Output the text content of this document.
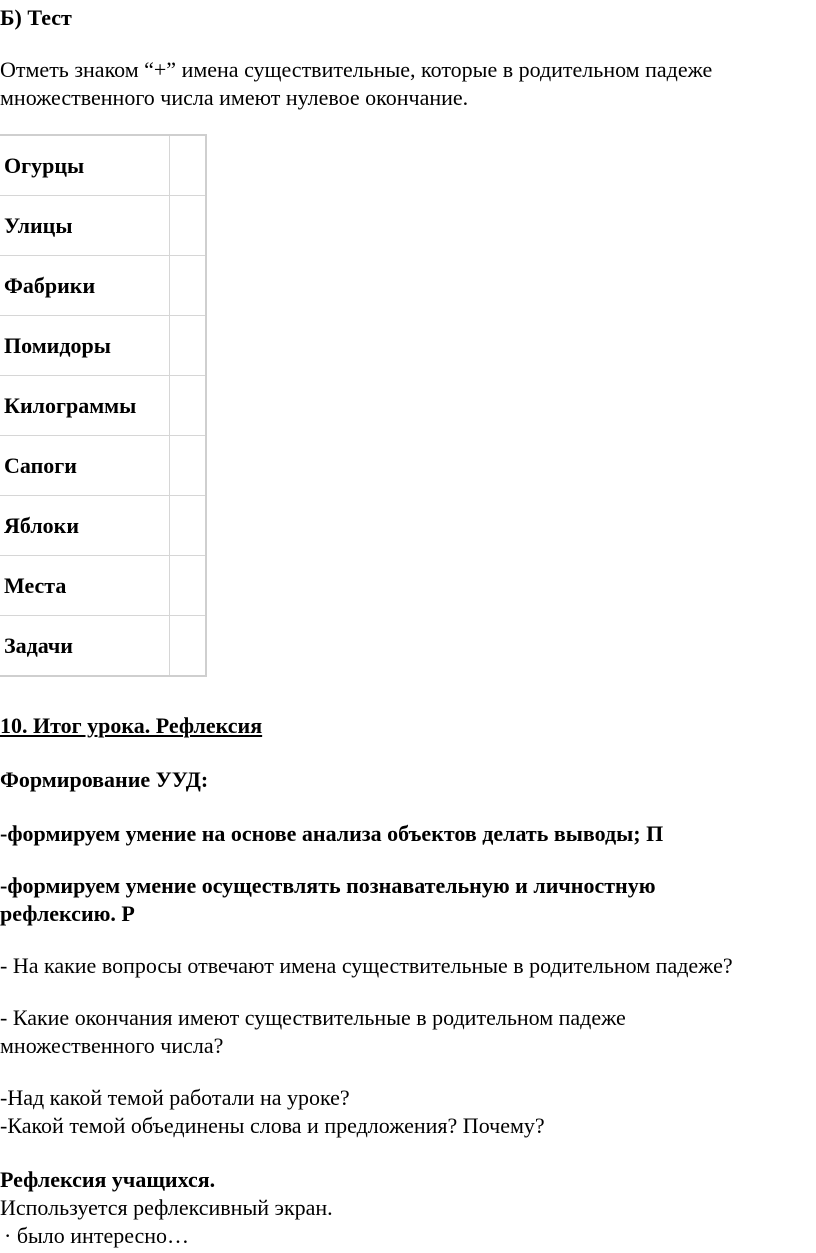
Б) Тест

Отметь знаком “+” имена существительные, которые в родительном падеже

множественного числа имеют нулевое окончание.

Огурцы	
Улицы	
Фабрики	
Помидоры	
Килограммы	
Сапоги	
Яблоки	
Места	
Задачи	

10. Итог урока. Рефлексия

Формирование УУД:

-формируем умение на основе анализа объектов делать выводы; П

-формируем умение осуществлять познавательную и личностную

рефлексию. Р

- На какие вопросы отвечают имена существительные в родительном падеже?

- Какие окончания имеют существительные в родительном падеже

множественного числа?

-Над какой темой работали на уроке?

-Какой темой объединены слова и предложения? Почему?

Рефлексия учащихся.

Используется рефлексивный экран.

· было интересно…
